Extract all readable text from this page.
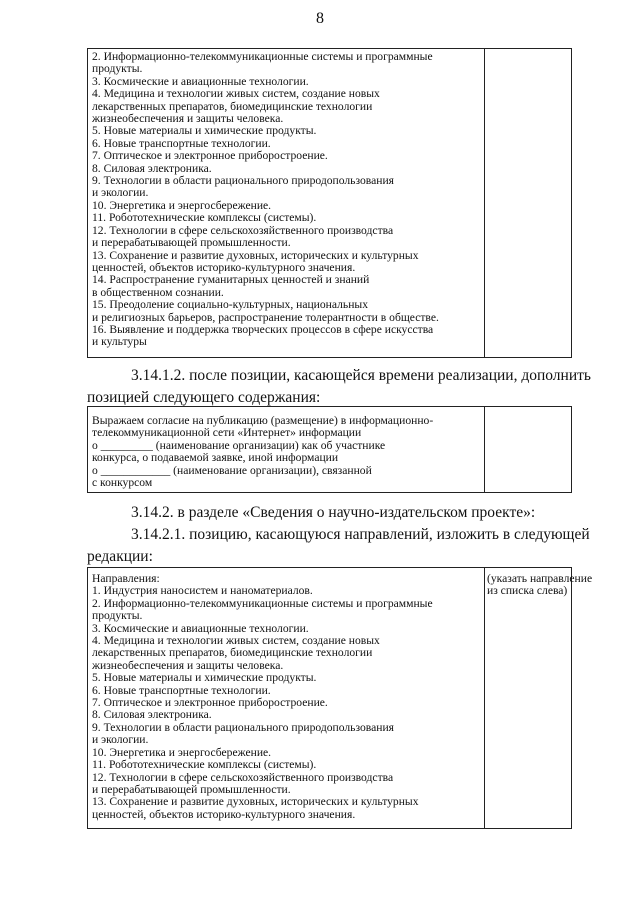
8
2. Информационно-телекоммуникационные системы и программные
продукты.
3. Космические и авиационные технологии.
4. Медицина и технологии живых систем, создание новых
лекарственных препаратов, биомедицинские технологии
жизнеобеспечения и защиты человека.
5. Новые материалы и химические продукты.
6. Новые транспортные технологии.
7. Оптическое и электронное приборостроение.
8. Силовая электроника.
9. Технологии в области рационального природопользования
и экологии.
10. Энергетика и энергосбережение.
11. Робототехнические комплексы (системы).
12. Технологии в сфере сельскохозяйственного производства
и перерабатывающей промышленности.
13. Сохранение и развитие духовных, исторических и культурных
ценностей, объектов историко-культурного значения.
14. Распространение гуманитарных ценностей и знаний
в общественном сознании.
15. Преодоление социально-культурных, национальных
и религиозных барьеров, распространение толерантности в обществе.
16. Выявление и поддержка творческих процессов в сфере искусства
и культуры
3.14.1.2. после позиции, касающейся времени реализации, дополнить
позицией следующего содержания:
Выражаем согласие на публикацию (размещение) в информационно-
телекоммуникационной сети «Интернет» информации
о _________ (наименование организации) как об участнике
конкурса, о подаваемой заявке, иной информации
о ____________ (наименование организации), связанной
с конкурсом
3.14.2. в разделе «Сведения о научно-издательском проекте»:
3.14.2.1. позицию, касающуюся направлений, изложить в следующей
редакции:
Направления:
1. Индустрия наносистем и наноматериалов.
2. Информационно-телекоммуникационные системы и программные
продукты.
3. Космические и авиационные технологии.
4. Медицина и технологии живых систем, создание новых
лекарственных препаратов, биомедицинские технологии
жизнеобеспечения и защиты человека.
5. Новые материалы и химические продукты.
6. Новые транспортные технологии.
7. Оптическое и электронное приборостроение.
8. Силовая электроника.
9. Технологии в области рационального природопользования
и экологии.
10. Энергетика и энергосбережение.
11. Робототехнические комплексы (системы).
12. Технологии в сфере сельскохозяйственного производства
и перерабатывающей промышленности.
13. Сохранение и развитие духовных, исторических и культурных
ценностей, объектов историко-культурного значения.
(указать направление
из списка слева)
